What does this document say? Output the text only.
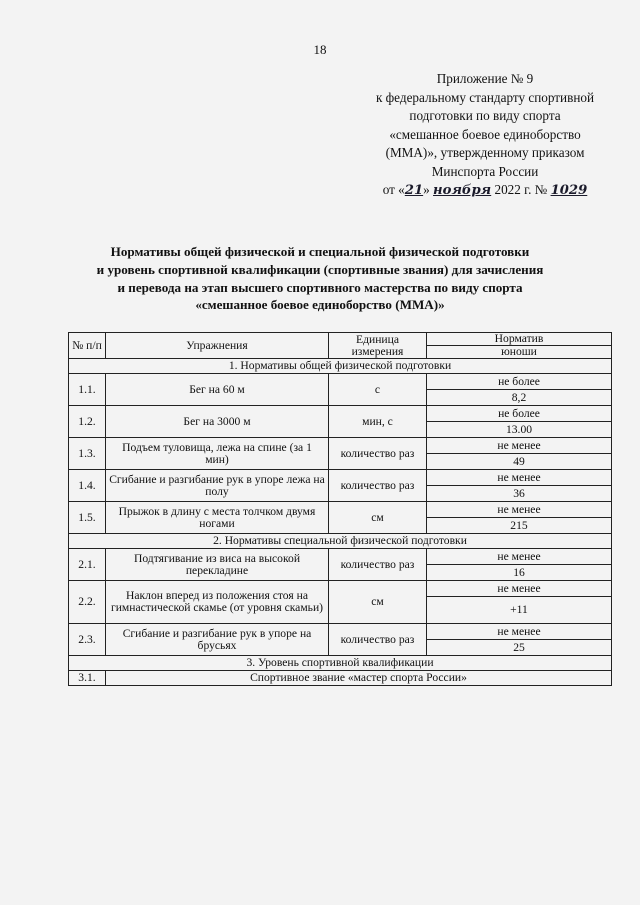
18
Приложение № 9
к федеральному стандарту спортивной
подготовки по виду спорта
«смешанное боевое единоборство
(ММА)», утвержденному приказом
Минспорта России
от «21» ноября 2022 г. № 1029
Нормативы общей физической и специальной физической подготовки
и уровень спортивной квалификации (спортивные звания) для зачисления
и перевода на этап высшего спортивного мастерства по виду спорта
«смешанное боевое единоборство (ММА)»
№ п/п	Упражнения	Единица измерения	Норматив
			юноши
1. Нормативы общей физической подготовки			
1.1.	Бег на 60 м	с	не более
			8,2
1.2.	Бег на 3000 м	мин, с	не более
			13.00
1.3.	Подъем туловища, лежа на спине (за 1 мин)	количество раз	не менее
			49
1.4.	Сгибание и разгибание рук в упоре лежа на полу	количество раз	не менее
			36
1.5.	Прыжок в длину с места толчком двумя ногами	см	не менее
			215
2. Нормативы специальной физической подготовки			
2.1.	Подтягивание из виса на высокой перекладине	количество раз	не менее
			16
2.2.	Наклон вперед из положения стоя на гимнастической скамье (от уровня скамьи)	см	не менее
			+11
2.3.	Сгибание и разгибание рук в упоре на брусьях	количество раз	не менее
			25
3. Уровень спортивной квалификации			
3.1.	Спортивное звание «мастер спорта России»		
